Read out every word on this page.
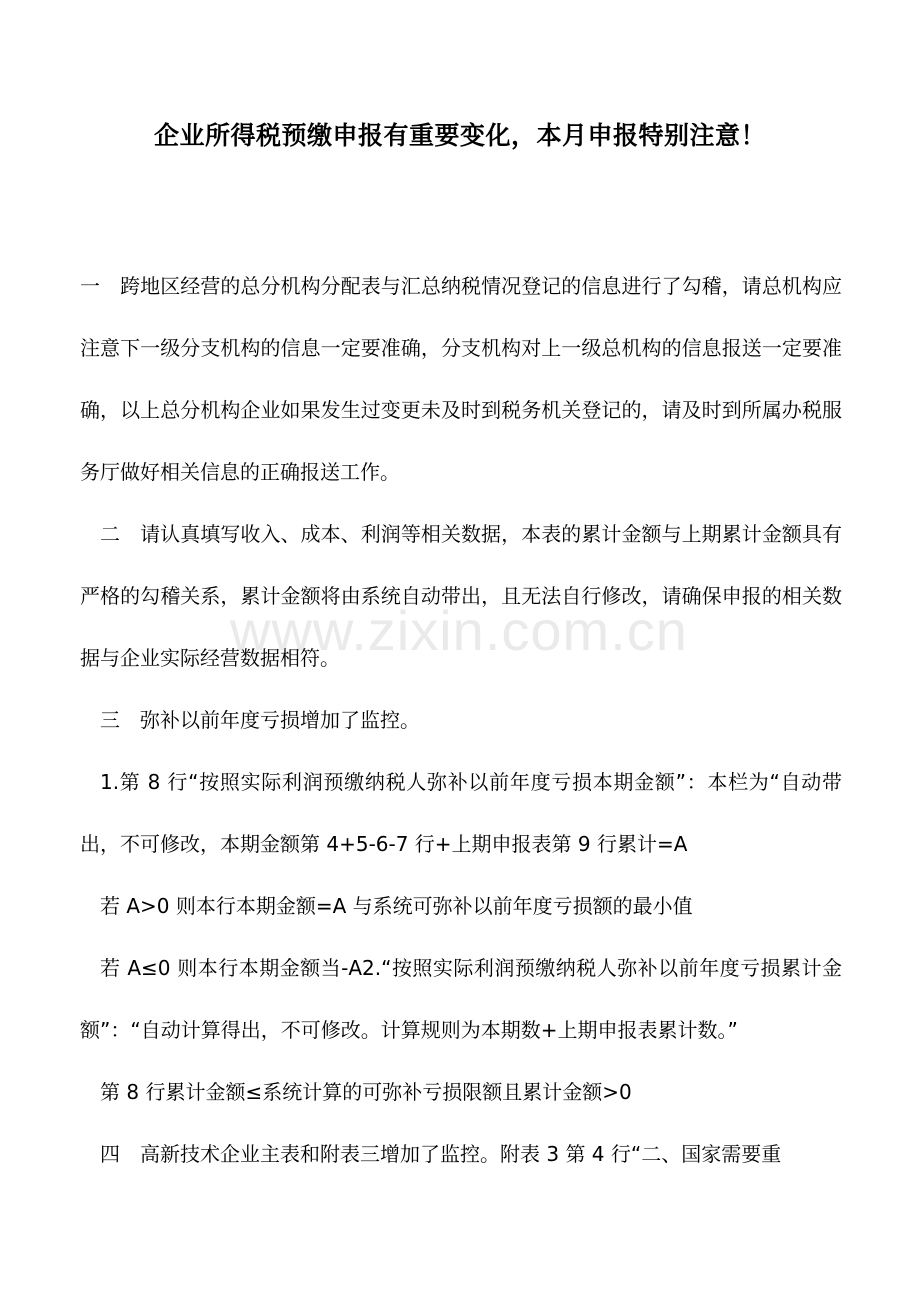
企业所得税预缴申报有重要变化，本月申报特别注意！

一　跨地区经营的总分机构分配表与汇总纳税情况登记的信息进行了勾稽，请总机构应注意下一级分支机构的信息一定要准确，分支机构对上一级总机构的信息报送一定要准确，以上总分机构企业如果发生过变更未及时到税务机关登记的，请及时到所属办税服务厅做好相关信息的正确报送工作。

二　请认真填写收入、成本、利润等相关数据，本表的累计金额与上期累计金额具有严格的勾稽关系，累计金额将由系统自动带出，且无法自行修改，请确保申报的相关数据与企业实际经营数据相符。

三　弥补以前年度亏损增加了监控。

1.第 8 行“按照实际利润预缴纳税人弥补以前年度亏损本期金额”：本栏为“自动带出，不可修改，本期金额第 4+5-6-7 行+上期申报表第 9 行累计=A

若 A>0 则本行本期金额=A 与系统可弥补以前年度亏损额的最小值

若 A≤0 则本行本期金额当-A2.“按照实际利润预缴纳税人弥补以前年度亏损累计金额”：“自动计算得出，不可修改。计算规则为本期数+上期申报表累计数。”

第 8 行累计金额≤系统计算的可弥补亏损限额且累计金额>0

四　高新技术企业主表和附表三增加了监控。附表 3 第 4 行“二、国家需要重

www.zixin.com.cn
